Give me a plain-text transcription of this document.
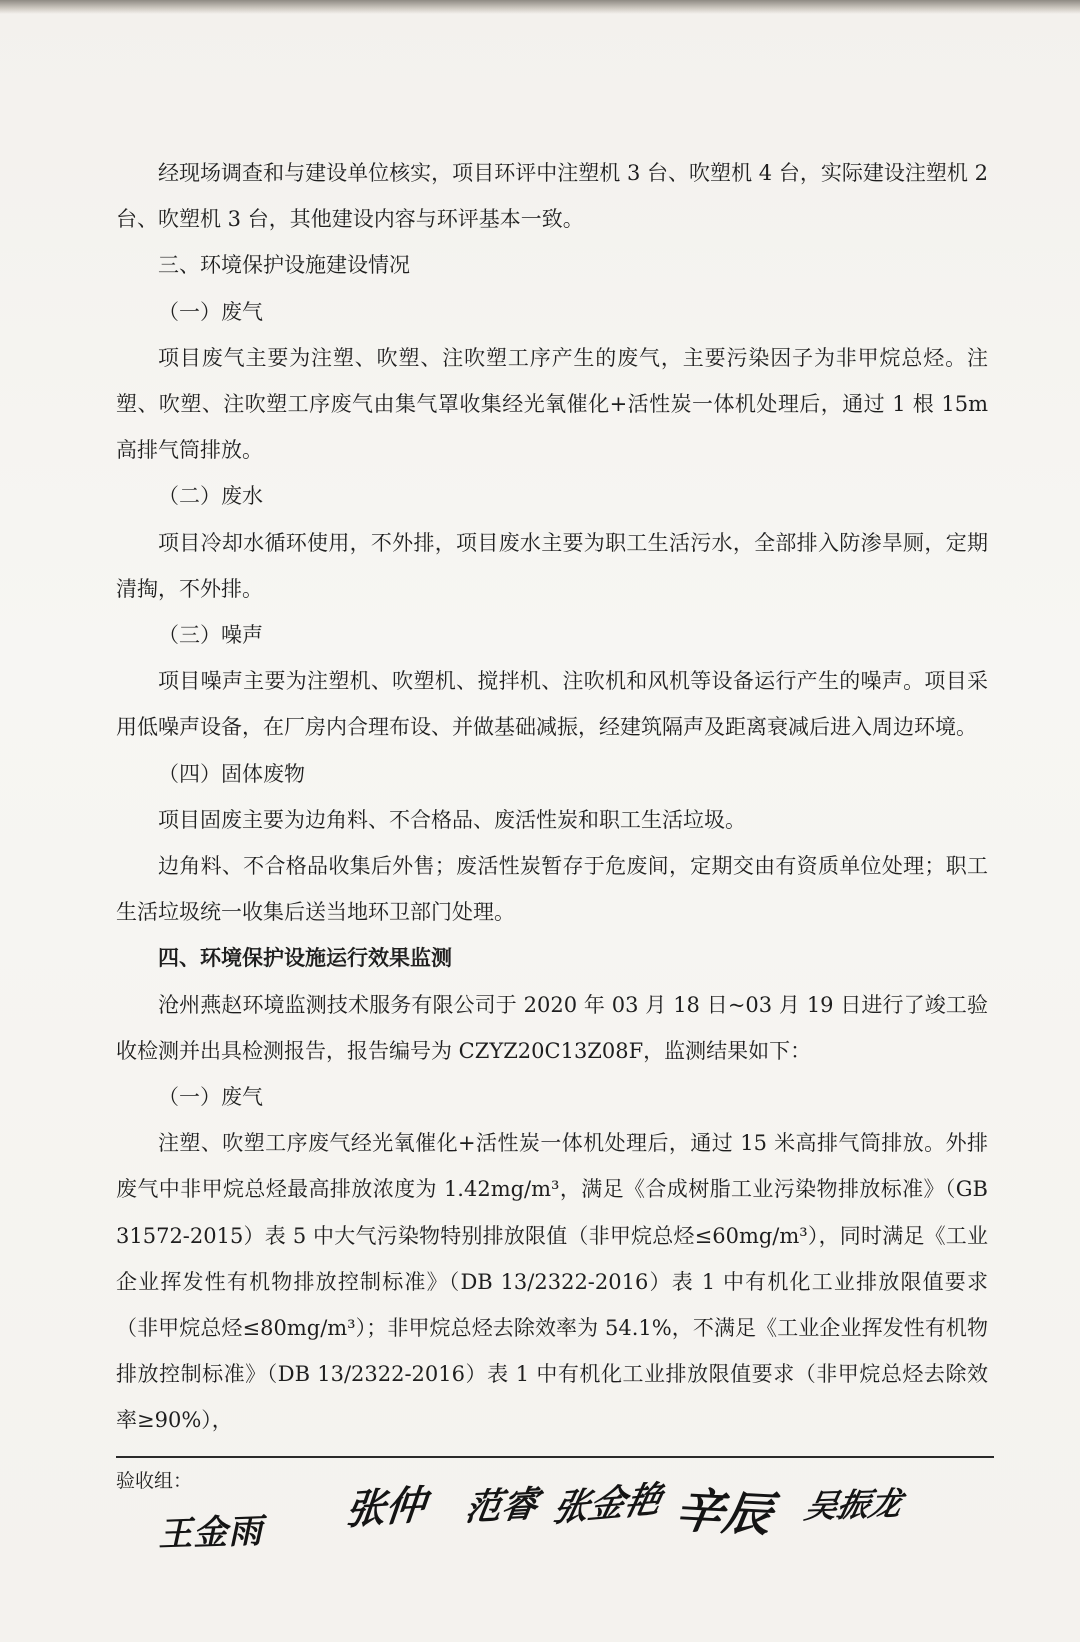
经现场调查和与建设单位核实，项目环评中注塑机 3 台、吹塑机 4 台，实际建设注塑机 2 台、吹塑机 3 台，其他建设内容与环评基本一致。

三、环境保护设施建设情况

（一）废气

项目废气主要为注塑、吹塑、注吹塑工序产生的废气，主要污染因子为非甲烷总烃。注塑、吹塑、注吹塑工序废气由集气罩收集经光氧催化+活性炭一体机处理后，通过 1 根 15m 高排气筒排放。

（二）废水

项目冷却水循环使用，不外排，项目废水主要为职工生活污水，全部排入防渗旱厕，定期清掏，不外排。

（三）噪声

项目噪声主要为注塑机、吹塑机、搅拌机、注吹机和风机等设备运行产生的噪声。项目采用低噪声设备，在厂房内合理布设、并做基础减振，经建筑隔声及距离衰减后进入周边环境。

（四）固体废物

项目固废主要为边角料、不合格品、废活性炭和职工生活垃圾。

边角料、不合格品收集后外售；废活性炭暂存于危废间，定期交由有资质单位处理；职工生活垃圾统一收集后送当地环卫部门处理。

四、环境保护设施运行效果监测

沧州燕赵环境监测技术服务有限公司于 2020 年 03 月 18 日~03 月 19 日进行了竣工验收检测并出具检测报告，报告编号为 CZYZ20C13Z08F，监测结果如下：

（一）废气

注塑、吹塑工序废气经光氧催化+活性炭一体机处理后，通过 15 米高排气筒排放。外排废气中非甲烷总烃最高排放浓度为 1.42mg/m³，满足《合成树脂工业污染物排放标准》（GB 31572-2015）表 5 中大气污染物特别排放限值（非甲烷总烃≤60mg/m³），同时满足《工业企业挥发性有机物排放控制标准》（DB 13/2322-2016）表 1 中有机化工业排放限值要求（非甲烷总烃≤80mg/m³）；非甲烷总烃去除效率为 54.1%，不满足《工业企业挥发性有机物排放控制标准》（DB 13/2322-2016）表 1 中有机化工业排放限值要求（非甲烷总烃去除效率≥90%），

验收组：
王金雨 张仲 范睿 张金艳 辛辰 吴振龙
